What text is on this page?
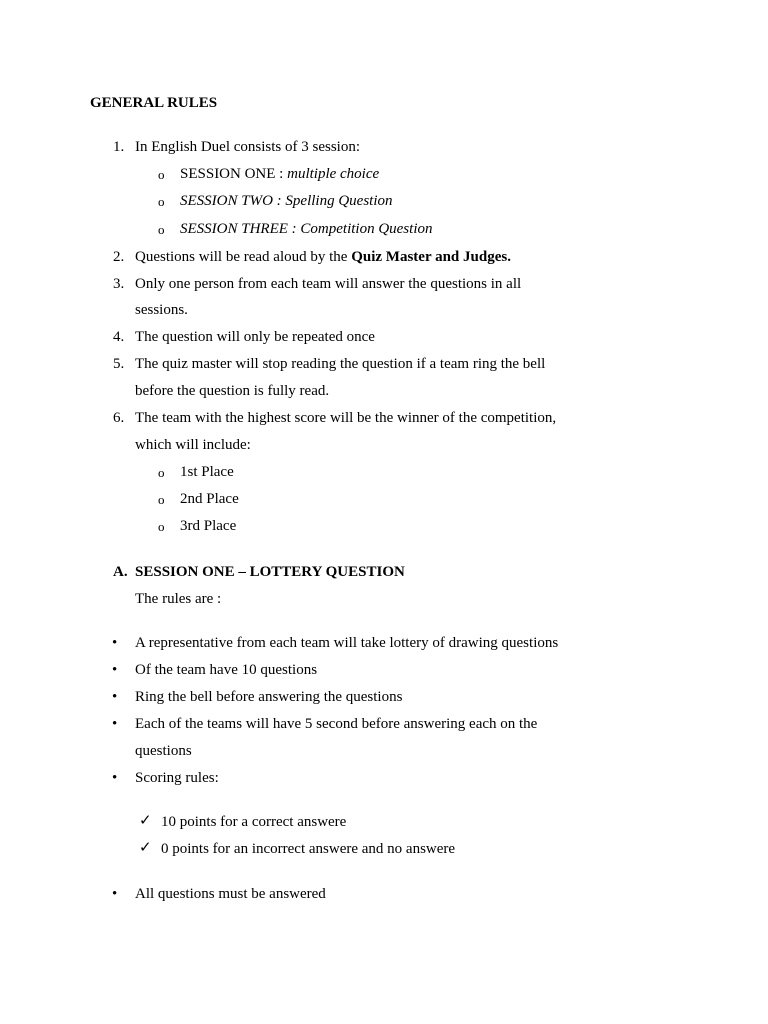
GENERAL RULES
1. In English Duel consists of 3 session:
o SESSION ONE : multiple choice
o SESSION TWO : Spelling Question
o SESSION THREE : Competition Question
2. Questions will be read aloud by the Quiz Master and Judges.
3. Only one person from each team will answer the questions in all
sessions.
4. The question will only be repeated once
5. The quiz master will stop reading the question if a team ring the bell
before the question is fully read.
6. The team with the highest score will be the winner of the competition,
which will include:
o 1st Place
o 2nd Place
o 3rd Place
A. SESSION ONE – LOTTERY QUESTION
The rules are :
• A representative from each team will take lottery of drawing questions
• Of the team have 10 questions
• Ring the bell before answering the questions
• Each of the teams will have 5 second before answering each on the
questions
• Scoring rules:
✓ 10 points for a correct answere
✓ 0 points for an incorrect answere and no answere
• All questions must be answered
